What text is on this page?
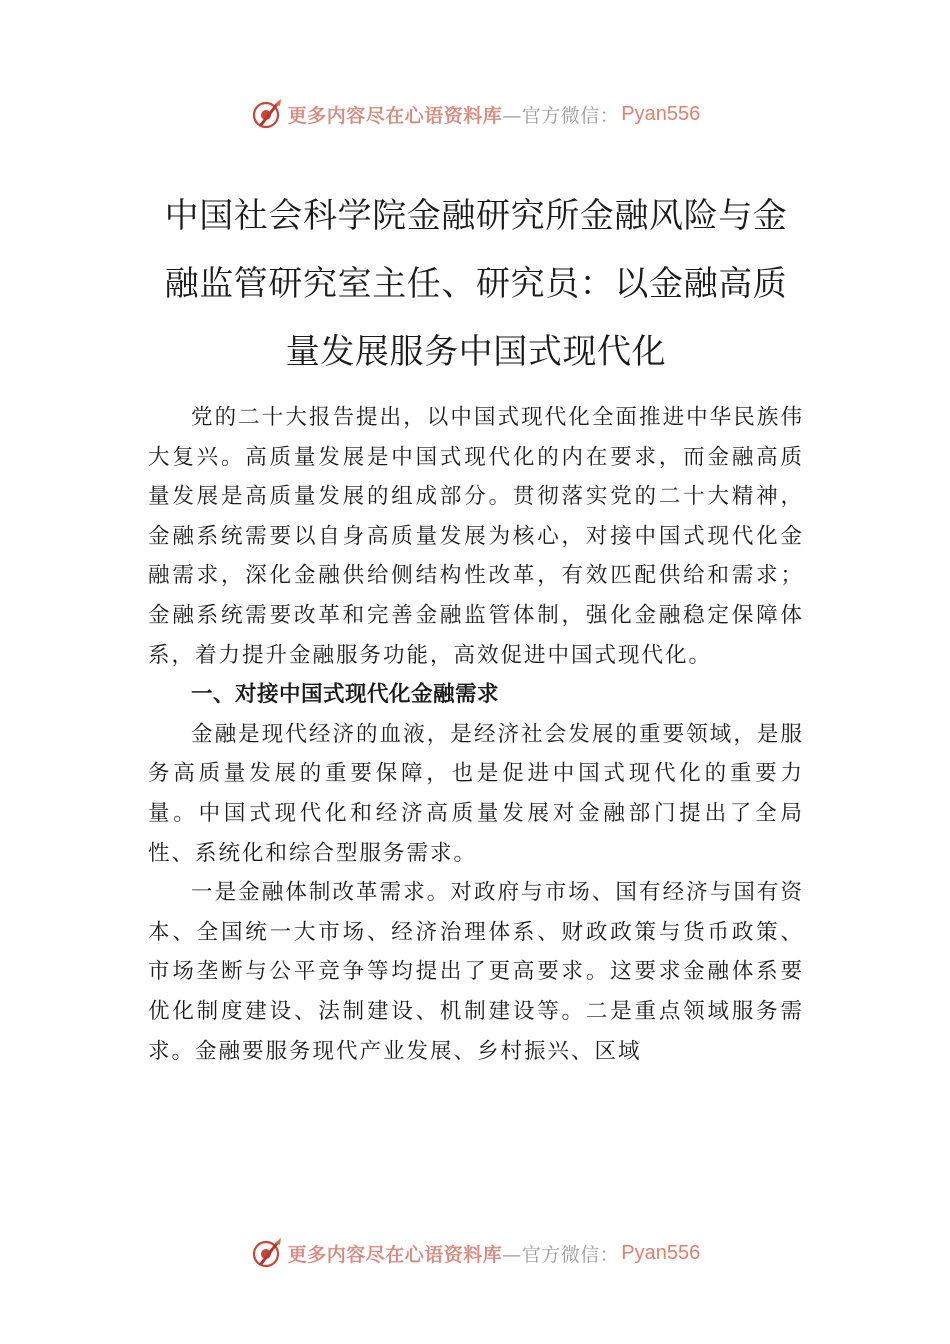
更多内容尽在心语资料库 —官方微信： Pyan556
中国社会科学院金融研究所金融风险与金融监管研究室主任、研究员：以金融高质量发展服务中国式现代化

党的二十大报告提出，以中国式现代化全面推进中华民族伟大复兴。高质量发展是中国式现代化的内在要求，而金融高质量发展是高质量发展的组成部分。贯彻落实党的二十大精神，金融系统需要以自身高质量发展为核心，对接中国式现代化金融需求，深化金融供给侧结构性改革，有效匹配供给和需求；金融系统需要改革和完善金融监管体制，强化金融稳定保障体系，着力提升金融服务功能，高效促进中国式现代化。

一、对接中国式现代化金融需求

金融是现代经济的血液，是经济社会发展的重要领域，是服务高质量发展的重要保障，也是促进中国式现代化的重要力量。中国式现代化和经济高质量发展对金融部门提出了全局性、系统化和综合型服务需求。

一是金融体制改革需求。对政府与市场、国有经济与国有资本、全国统一大市场、经济治理体系、财政政策与货币政策、市场垄断与公平竞争等均提出了更高要求。这要求金融体系要优化制度建设、法制建设、机制建设等。二是重点领域服务需求。金融要服务现代产业发展、乡村振兴、区域

更多内容尽在心语资料库 —官方微信： Pyan556
